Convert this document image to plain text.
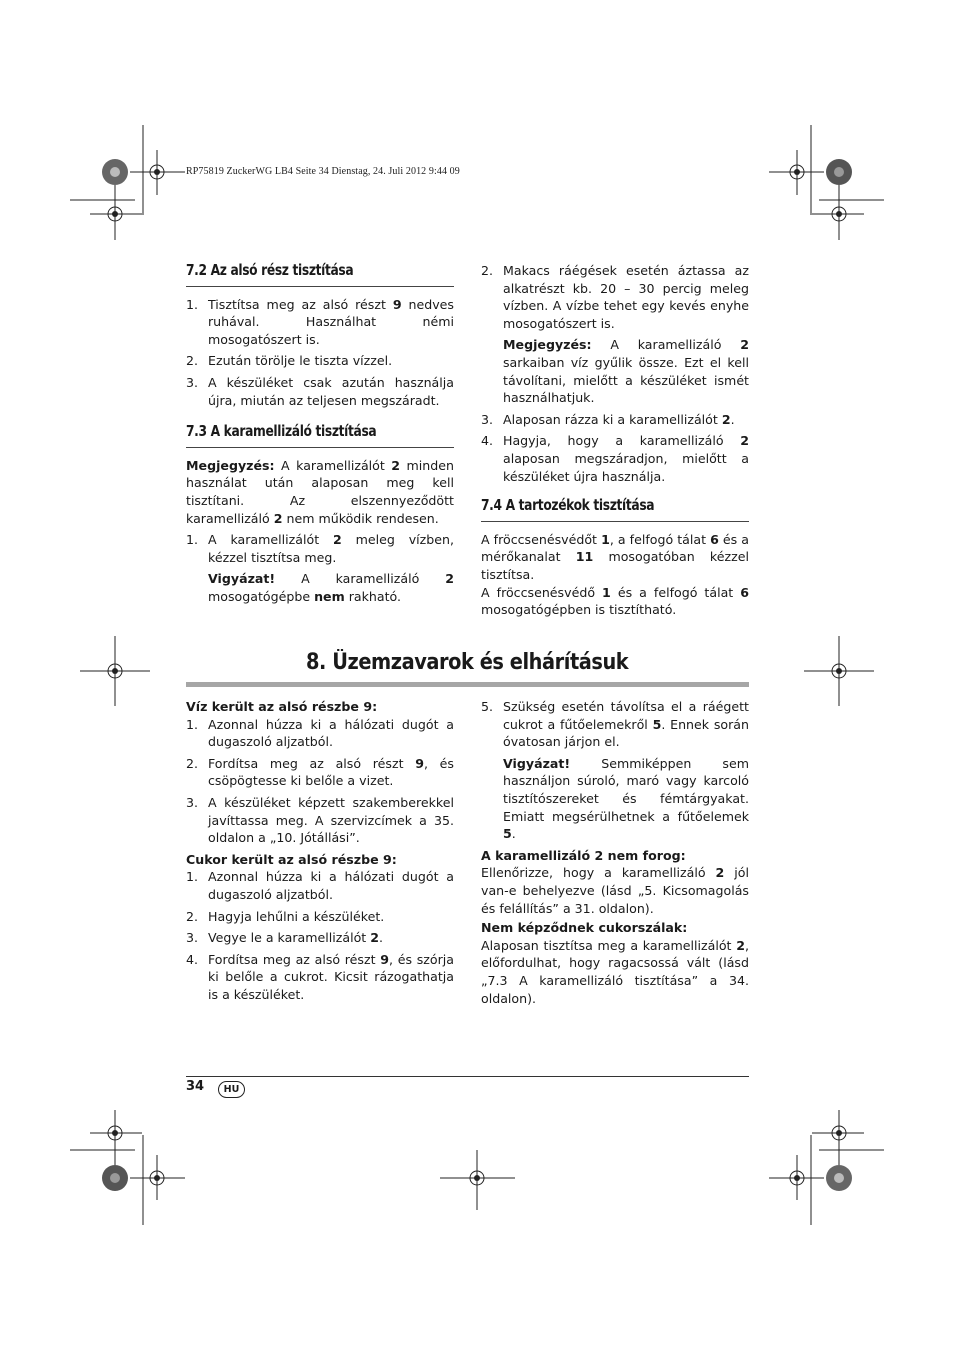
RP75819 ZuckerWG LB4 Seite 34 Dienstag, 24. Juli 2012 9:44 09
7.2 Az alsó rész tisztítása
1. Tisztítsa meg az alsó részt 9 nedves ruhával. Használhat némi mosogatószert is.
2. Ezután törölje le tiszta vízzel.
3. A készüléket csak azután használja újra, miután az teljesen megszáradt.
7.3 A karamellizáló tisztítása

Megjegyzés: A karamellizálót 2 minden használat után alaposan meg kell tisztítani. Az elszennyeződött karamellizáló 2 nem működik rendesen.

1. A karamellizálót 2 meleg vízben, kézzel tisztítsa meg.
Vigyázat! A karamellizáló 2 mosogatógépbe nem rakható.
2. Makacs ráégések esetén áztassa az alkatrészt kb. 20 – 30 percig meleg vízben. A vízbe tehet egy kevés enyhe mosogatószert is.
Megjegyzés: A karamellizáló 2 sarkaiban víz gyűlik össze. Ezt el kell távolítani, mielőtt a készüléket ismét használhatjuk.
3. Alaposan rázza ki a karamellizálót 2.
4. Hagyja, hogy a karamellizáló 2 alaposan megszáradjon, mielőtt a készüléket újra használja.
7.4 A tartozékok tisztítása

A fröccsenésvédőt 1, a felfogó tálat 6 és a mérőkanalat 11 mosogatóban kézzel tisztítsa.

A fröccsenésvédő 1 és a felfogó tálat 6 mosogatógépben is tisztítható.

8. Üzemzavarok és elhárításuk

Víz került az alsó részbe 9:

1. Azonnal húzza ki a hálózati dugót a dugaszoló aljzatból.
2. Fordítsa meg az alsó részt 9, és csöpögtesse ki belőle a vizet.
3. A készüléket képzett szakemberekkel javíttassa meg. A szervizcímek a 35. oldalon a „10. Jótállási”.

Cukor került az alsó részbe 9:

1. Azonnal húzza ki a hálózati dugót a dugaszoló aljzatból.
2. Hagyja lehűlni a készüléket.
3. Vegye le a karamellizálót 2.
4. Fordítsa meg az alsó részt 9, és szórja ki belőle a cukrot. Kicsit rázogathatja is a készüléket.
5. Szükség esetén távolítsa el a ráégett cukrot a fűtőelemekről 5. Ennek során óvatosan járjon el.
Vigyázat! Semmiképpen sem használjon súroló, maró vagy karcoló tisztítószereket és fémtárgyakat. Emiatt megsérülhetnek a fűtőelemek 5.

A karamellizáló 2 nem forog:

Ellenőrizze, hogy a karamellizáló 2 jól van-e behelyezve (lásd „5. Kicsomagolás és felállítás” a 31. oldalon).

Nem képződnek cukorszálak:

Alaposan tisztítsa meg a karamellizálót 2, előfordulhat, hogy ragacsossá vált (lásd „7.3 A karamellizáló tisztítása” a 34. oldalon).

34	HU
